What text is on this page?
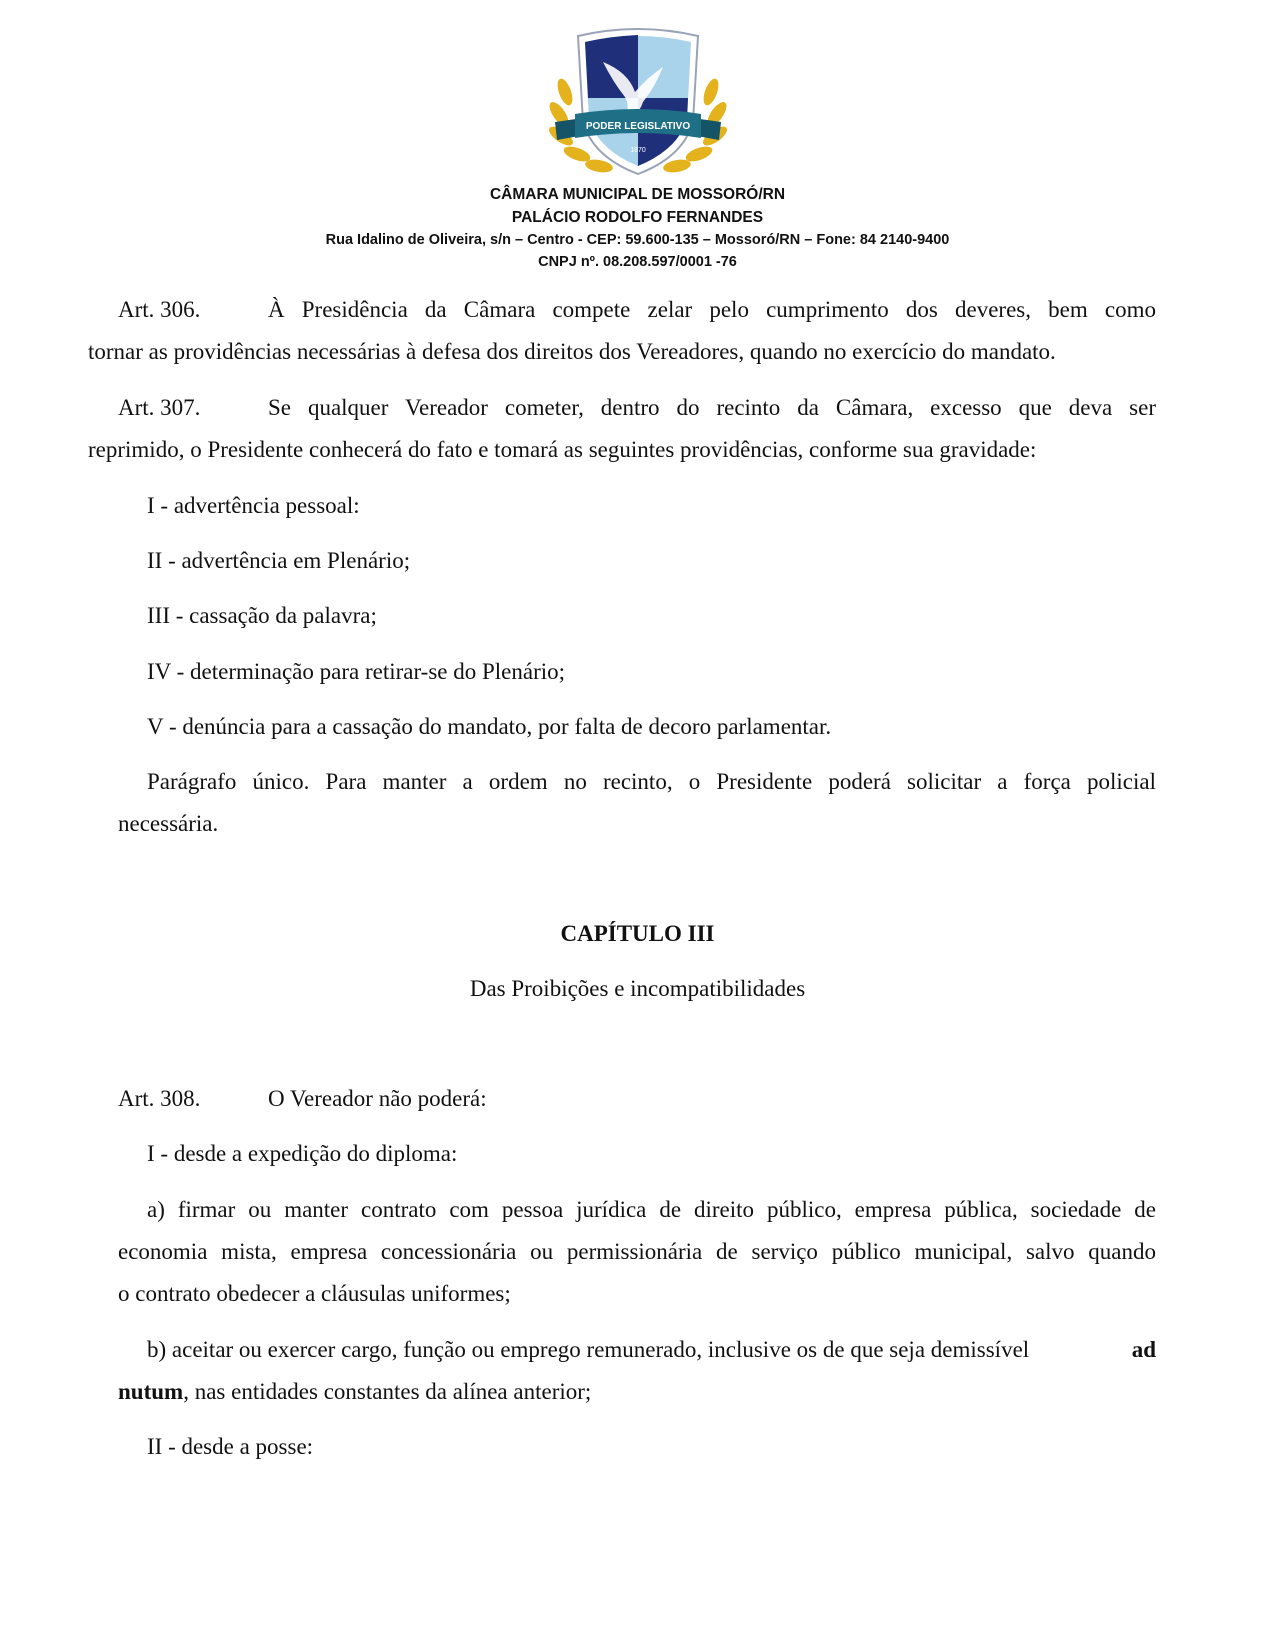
PODER LEGISLATIVO
1870
CÂMARA MUNICIPAL DE MOSSORÓ/RN
PALÁCIO RODOLFO FERNANDES
Rua Idalino de Oliveira, s/n – Centro - CEP: 59.600-135 – Mossoró/RN – Fone: 84 2140-9400
CNPJ nº. 08.208.597/0001 -76
Art. 306.	À Presidência da Câmara compete zelar pelo cumprimento dos deveres, bem como
tornar as providências necessárias à defesa dos direitos dos Vereadores, quando no exercício do mandato.
Art. 307.	Se qualquer Vereador cometer, dentro do recinto da Câmara, excesso que deva ser
reprimido, o Presidente conhecerá do fato e tomará as seguintes providências, conforme sua gravidade:
I - advertência pessoal:
II - advertência em Plenário;
III - cassação da palavra;
IV - determinação para retirar-se do Plenário;
V - denúncia para a cassação do mandato, por falta de decoro parlamentar.
Parágrafo único. Para manter a ordem no recinto, o Presidente poderá solicitar a força policial
necessária.
CAPÍTULO III
Das Proibições e incompatibilidades
Art. 308.	O Vereador não poderá:
I - desde a expedição do diploma:
a) firmar ou manter contrato com pessoa jurídica de direito público, empresa pública, sociedade de
economia mista, empresa concessionária ou permissionária de serviço público municipal, salvo quando
o contrato obedecer a cláusulas uniformes;
b) aceitar ou exercer cargo, função ou emprego remunerado, inclusive os de que seja demissível	ad
nutum, nas entidades constantes da alínea anterior;
II - desde a posse:
